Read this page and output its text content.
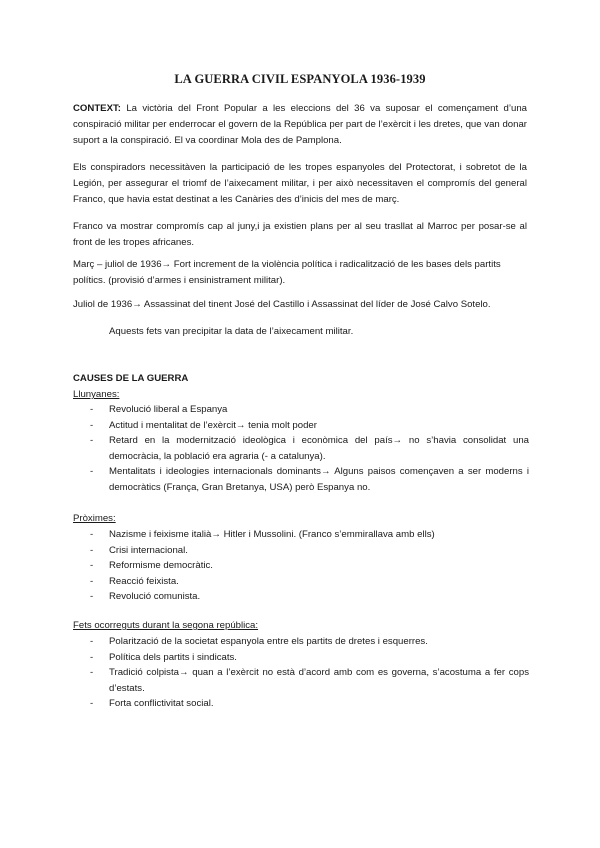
LA GUERRA CIVIL ESPANYOLA 1936-1939

CONTEXT: La victòria del Front Popular a les eleccions del 36 va suposar el començament d’una conspiració militar per enderrocar el govern de la República per part de l’exèrcit i les dretes, que van donar suport a la conspiració. El va coordinar Mola des de Pamplona.

Els conspiradors necessitàven la participació de les tropes espanyoles del Protectorat, i sobretot de la Legión, per assegurar el triomf de l’aixecament militar, i per això necessitaven el compromís del general Franco, que havia estat destinat a les Canàries des d’inicis del mes de març.

Franco va mostrar compromís cap al juny,i ja existien plans per al seu trasllat al Marroc per posar-se al front de les tropes africanes.

Març – juliol de 1936→ Fort increment de la violència política i radicalització de les bases dels partits polítics. (provisió d’armes i ensinistrament militar).

Juliol de 1936→ Assassinat del tinent José del Castillo i Assassinat del líder de José Calvo Sotelo.

Aquests fets van precipitar la data de l’aixecament militar.

CAUSES DE LA GUERRA

Llunyanes:

- Revolució liberal a Espanya
- Actitud i mentalitat de l’exèrcit→ tenia molt poder
- Retard en la modernització ideològica i econòmica del país→ no s’havia consolidat una democràcia, la població era agraria (- a catalunya).
- Mentalitats i ideologies internacionals dominants→ Alguns paisos començaven a ser moderns i democràtics (França, Gran Bretanya, USA) però Espanya no.

Pròximes:

- Nazisme i feixisme italià→ Hitler i Mussolini. (Franco s’emmirallava amb ells)
- Crisi internacional.
- Reformisme democràtic.
- Reacció feixista.
- Revolució comunista.

Fets ocorreguts durant la segona república:

- Polarització de la societat espanyola entre els partits de dretes i esquerres.
- Política dels partits i sindicats.
- Tradició colpista→ quan a l’exèrcit no està d’acord amb com es governa, s’acostuma a fer cops d’estats.
- Forta conflictivitat social.
